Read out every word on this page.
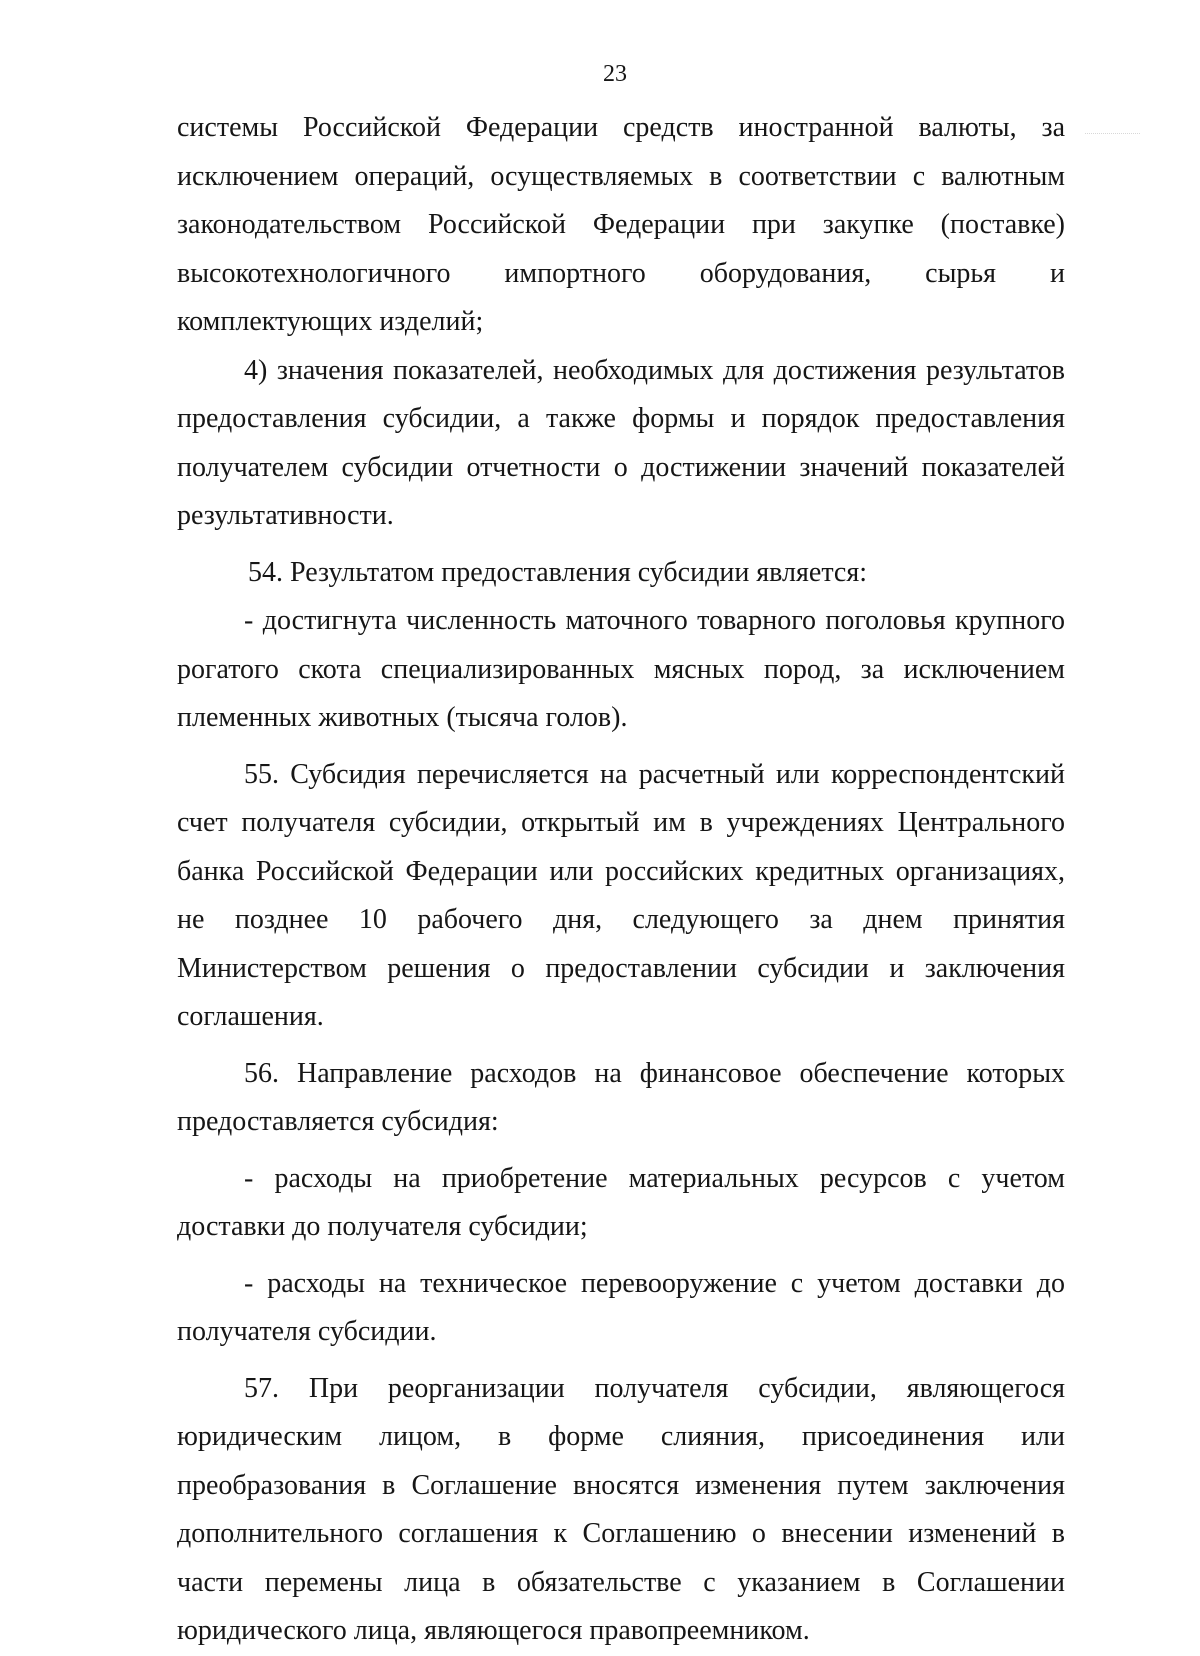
23

системы Российской Федерации средств иностранной валюты, за исключением операций, осуществляемых в соответствии с валютным законодательством Российской Федерации при закупке (поставке) высокотехнологичного импортного оборудования, сырья и комплектующих изделий;

4) значения показателей, необходимых для достижения результатов предоставления субсидии, а также формы и порядок предоставления получателем субсидии отчетности о достижении значений показателей результативности.

54. Результатом предоставления субсидии является:

- достигнута численность маточного товарного поголовья крупного рогатого скота специализированных мясных пород, за исключением племенных животных (тысяча голов).

55. Субсидия перечисляется на расчетный или корреспондентский счет получателя субсидии, открытый им в учреждениях Центрального банка Российской Федерации или российских кредитных организациях, не позднее 10 рабочего дня, следующего за днем принятия Министерством решения о предоставлении субсидии и заключения соглашения.

56. Направление расходов на финансовое обеспечение которых предоставляется субсидия:

- расходы на приобретение материальных ресурсов с учетом доставки до получателя субсидии;

- расходы на техническое перевооружение с учетом доставки до получателя субсидии.

57. При реорганизации получателя субсидии, являющегося юридическим лицом, в форме слияния, присоединения или преобразования в Соглашение вносятся изменения путем заключения дополнительного соглашения к Соглашению о внесении изменений в части перемены лица в обязательстве с указанием в Соглашении юридического лица, являющегося правопреемником.
